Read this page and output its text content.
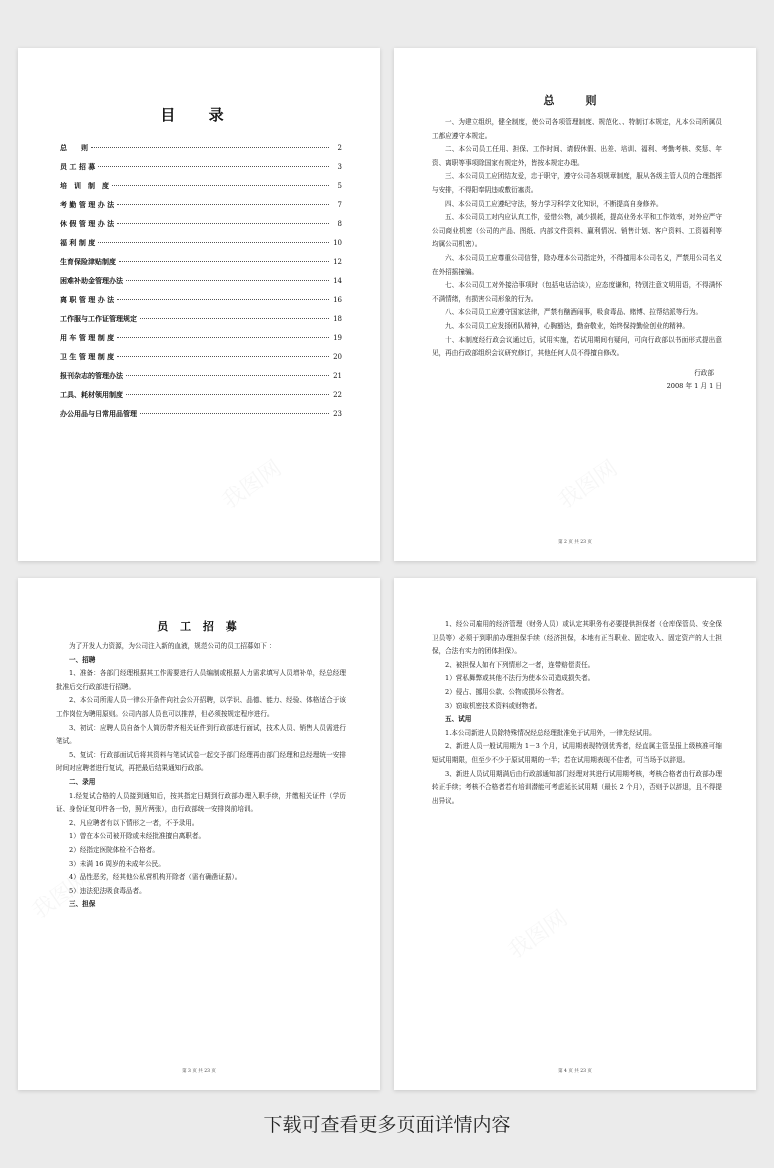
目 录
总　　则	2
员 工 招 募	3
培　训　制　度	5
考 勤 管 理 办 法	7
休 假 管 理 办 法	8
福 利 制 度	10
生育保险津贴制度	12
困难补助金管理办法	14
离 职 管 理 办 法	16
工作服与工作证管理规定	18
用 车 管 理 制 度	19
卫 生 管 理 制 度	20
报刊杂志的管理办法	21
工具、耗材领用制度	22
办公用品与日常用品管理	23
总　则
一、为建立组织，健全制度，使公司各项管理制度、规范化、、特制订本规定，凡本公司所属员工都应遵守本规定。
二、本公司员工任用、担保、工作时间、请假休假、出差、培训、福利、考勤考核、奖惩、年资、离职等事项除国家有规定外，皆按本规定办理。
三、本公司员工应团结友爱，忠于职守，遵守公司各项规章制度，服从各级主管人员的合理指挥与安排，不得阳奉阴违或敷衍塞责。
四、本公司员工应遵纪守法，努力学习科学文化知识，不断提高自身修养。
五、本公司员工对内应认真工作，爱惜公物，减少损耗，提高业务水平和工作效率，对外应严守公司商业机密（公司的产品、图纸、内部文件资料、赢利情况、销售计划、客户资料、工资福利等均属公司机密）。
六、本公司员工应尊重公司信誉，除办理本公司指定外，不得擅用本公司名义，严禁用公司名义在外招摇撞骗。
七、本公司员工对外接洽事项时（包括电话洽谈），应态度谦和，特别注意文明用语，不得满怀不满情绪，有损害公司形象的行为。
八、本公司员工应遵守国家法律，严禁有酗酒闹事，吸食毒品、赌博、拉帮结派等行为。
九、本公司员工应发扬团队精神，心胸豁达，勤奋敬业，始终保持勤俭创业的精神。
十、本制度经行政会议通过后，试用实施，若试用期间有疑问，可向行政部以书面形式提出意见，再由行政部组织会议研究修订，其他任何人员不得擅自修改。
行政部
2008 年 1 月 1 日
第 2 页 共 23 页
员 工 招 募
为了开发人力资源，为公司注入新的血液，规范公司的员工招募如下 ：
一、招聘
1、准备：各部门经理根据其工作需要进行人员编制或根据人力需求填写人员增补单，经总经理批准后交行政部进行招聘。
2、本公司所需人员一律公开条件向社会公开招聘，以学识、品德、能力、经验、体格适合于该工作岗位为聘用原则。公司内部人员也可以推荐，但必须按规定程序进行。
3、初试：应聘人员自备个人简历带齐相关证件到行政部进行面试，技术人员、销售人员需进行笔试。
5、复试：行政部面试后将其资料与笔试试卷一起交予部门经理再由部门经理和总经理统一安排时间对应聘者进行复试，再把最后结果通知行政部。
二、录用
1.经复试合格的人员接到通知后，按其指定日期到行政部办理入职手续，并缴相关证件（学历证、身份证复印件各一份，照片两张），由行政部统一安排岗前培训。
2、凡应聘者有以下情形之一者，不予录用。
1）曾在本公司被开除或未经批准擅自离职者。
2）经指定医院体检不合格者。
3）未满 16 周岁的未成年公民。
4）品性恶劣，经其他公私营机构开除者（需有确凿证据）。
5）违法犯法吸食毒品者。
三、担保
第 3 页 共 23 页
1、经公司雇用的经济管理（财务人员）或认定其职务有必要提供担保者（仓库保管员、安全保卫员等）必须于到职前办理担保手续（经济担保，本地有正当职业、固定收入、固定资产的人士担保，合法有实力的团体担保）。
2、被担保人如有下列情形之一者，连带赔偿责任。
1）营私舞弊或其他不法行为使本公司造成损失者。
2）侵占、挪用公款、公物或损坏公物者。
3）窃取机密技术资料或财物者。
五、试用
1.本公司新进人员除特殊情况经总经理批准免于试用外，一律先经试用。
2、新进人员一般试用期为 1－3 个月，试用期表现特别优秀者，经直属主管呈报上级核准可缩短试用期限，但至少不少于原试用期的一半；若在试用期表现不佳者，可当场予以辞退。
3、新进人员试用期满后由行政部通知部门经理对其进行试用期考核，考核合格者由行政部办理转正手续；考核不合格者若有培训潜能可考虑延长试用期（最长 2 个月），否则予以辞退，且不得提出异议。
第 4 页 共 23 页
下载可查看更多页面详情内容
